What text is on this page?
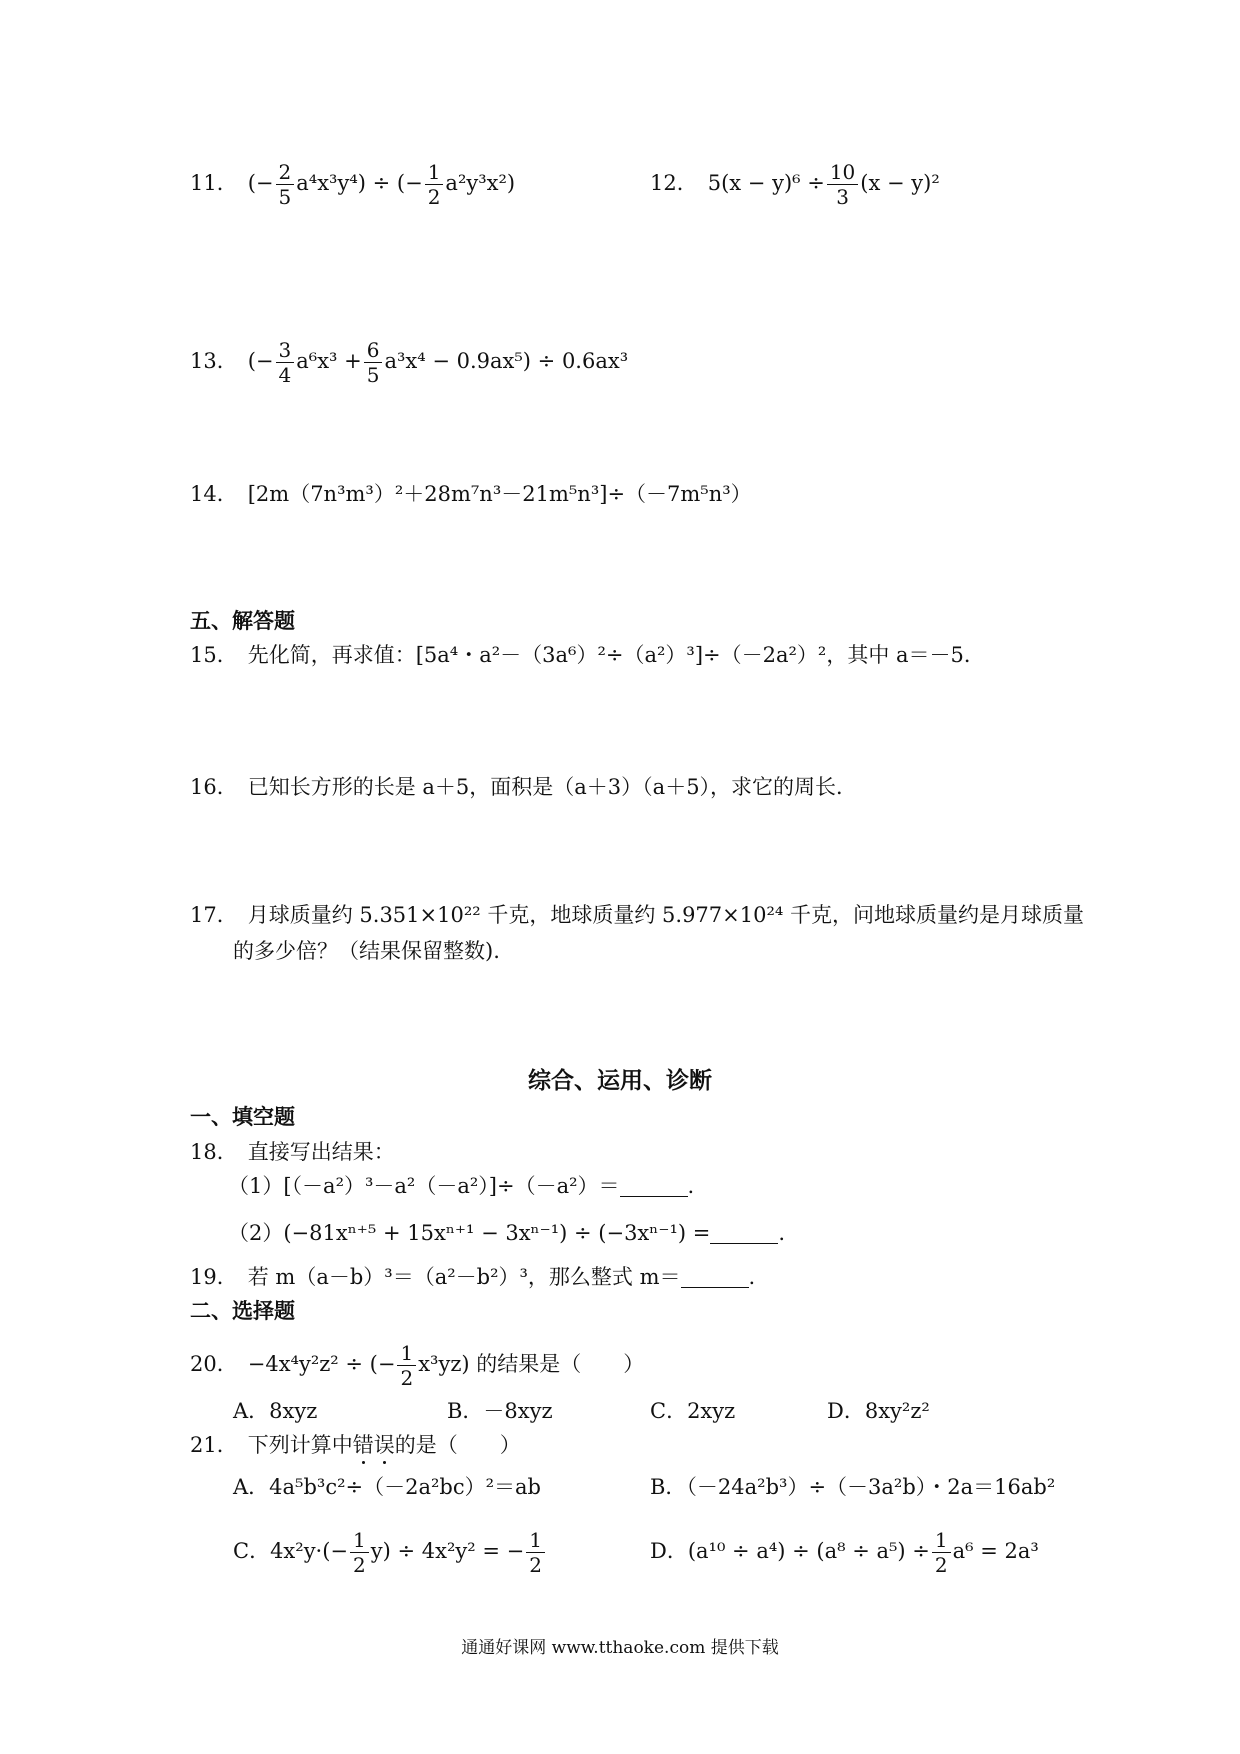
11． (− $\frac{2}{5} a^4x^3y^4$) ÷ (− $\frac{1}{2} a^2y^3x^2$)	12． $5(x - y)^6 \div \frac{10}{3} (x - y)^2$
13． (− $\frac{3}{4} a^6x^3 + \frac{6}{5} a^3x^4 - 0.9ax^5) \div 0.6ax^3$
14． [2m（7n³m³）²＋28m⁷n³－21m⁵n³]÷（－7m⁵n³）
五、解答题
15． 先化简，再求值：[5a⁴・a²－（3a⁶）²÷（a²）³]÷（－2a²）²，其中 a＝－5．
16． 已知长方形的长是 a＋5，面积是（a＋3）（a＋5），求它的周长．
17． 月球质量约 5.351×10²² 千克，地球质量约 5.977×10²⁴ 千克，问地球质量约是月球质量
的多少倍？（结果保留整数).
综合、运用、诊断
一、填空题
18． 直接写出结果：
（1）[（－a²）³－a²（－a²）]÷（－a²）＝	.
（2）(−81xⁿ⁺⁵ + 15xⁿ⁺¹ − 3xⁿ⁻¹) ÷ (−3xⁿ⁻¹) =	.
19． 若 m（a－b）³＝（a²－b²）³，那么整式 m＝	.
二、选择题
20． −4x⁴y²z² ÷ (− $\frac{1}{2} x^3yz$) 的结果是（　　）
A．8xyz	B．－8xyz	C．2xyz	D．8xy²z²
21． 下列计算中错误的是（　　）
A．4a⁵b³c²÷（－2a²bc）²＝ab	B．（－24a²b³）÷（－3a²b）・2a＝16ab²
C．$4x^2y\cdot(- \frac{1}{2} y) \div 4x^2y^2$ = − $\frac{1}{2}$	D．$(a^{10} \div a^4) \div (a^8 \div a^5) \div \frac{1}{2} a^6 = 2a^3$
通通好课网 www.tthaoke.com 提供下载
